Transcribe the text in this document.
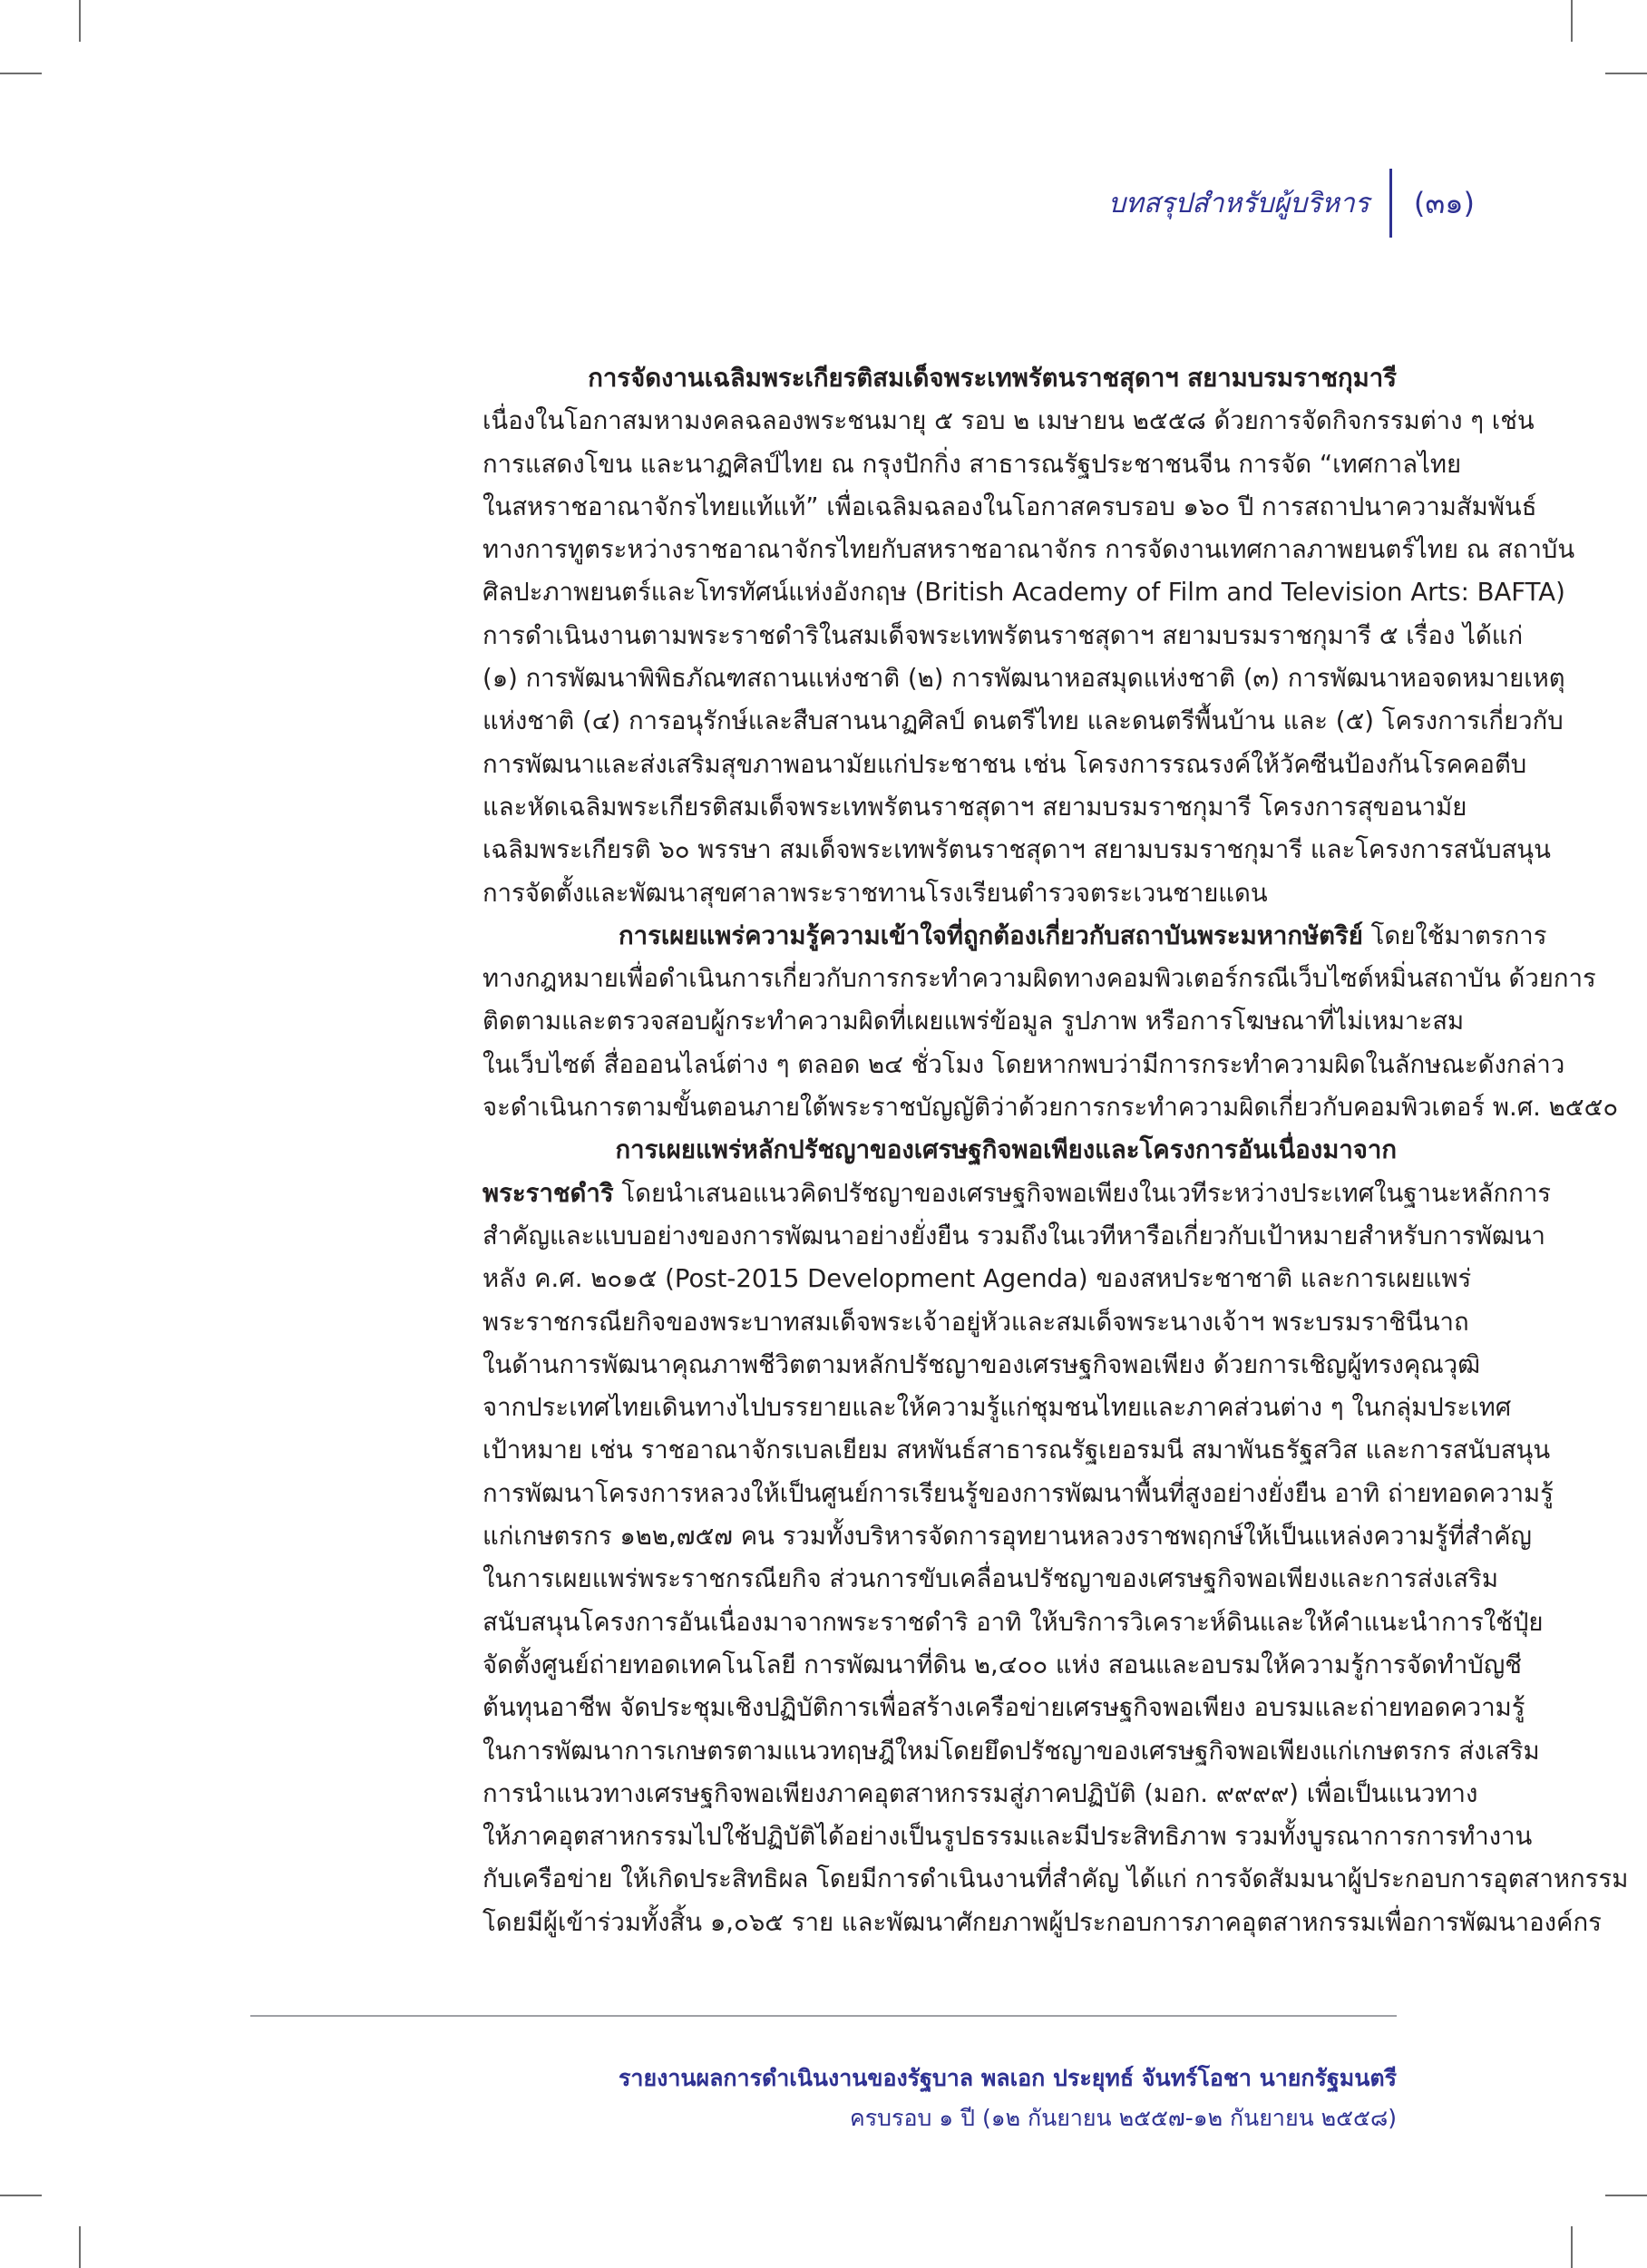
บทสรุปสำหรับผู้บริหาร	(๓๑)
การจัดงานเฉลิมพระเกียรติสมเด็จพระเทพรัตนราชสุดาฯ สยามบรมราชกุมารี
เนื่องในโอกาสมหามงคลฉลองพระชนมายุ ๕ รอบ ๒ เมษายน ๒๕๕๘ ด้วยการจัดกิจกรรมต่าง ๆ เช่น
การแสดงโขน และนาฏศิลป์ไทย ณ กรุงปักกิ่ง สาธารณรัฐประชาชนจีน การจัด “เทศกาลไทย
ในสหราชอาณาจักรไทยแท้แท้” เพื่อเฉลิมฉลองในโอกาสครบรอบ ๑๖๐ ปี การสถาปนาความสัมพันธ์
ทางการทูตระหว่างราชอาณาจักรไทยกับสหราชอาณาจักร การจัดงานเทศกาลภาพยนตร์ไทย ณ สถาบัน
ศิลปะภาพยนตร์และโทรทัศน์แห่งอังกฤษ (British Academy of Film and Television Arts: BAFTA)
การดำเนินงานตามพระราชดำริในสมเด็จพระเทพรัตนราชสุดาฯ สยามบรมราชกุมารี ๕ เรื่อง ได้แก่
(๑) การพัฒนาพิพิธภัณฑสถานแห่งชาติ (๒) การพัฒนาหอสมุดแห่งชาติ (๓) การพัฒนาหอจดหมายเหตุ
แห่งชาติ (๔) การอนุรักษ์และสืบสานนาฏศิลป์ ดนตรีไทย และดนตรีพื้นบ้าน และ (๕) โครงการเกี่ยวกับ
การพัฒนาและส่งเสริมสุขภาพอนามัยแก่ประชาชน เช่น โครงการรณรงค์ให้วัคซีนป้องกันโรคคอตีบ
และหัดเฉลิมพระเกียรติสมเด็จพระเทพรัตนราชสุดาฯ สยามบรมราชกุมารี โครงการสุขอนามัย
เฉลิมพระเกียรติ ๖๐ พรรษา สมเด็จพระเทพรัตนราชสุดาฯ สยามบรมราชกุมารี และโครงการสนับสนุน
การจัดตั้งและพัฒนาสุขศาลาพระราชทานโรงเรียนตำรวจตระเวนชายแดน
การเผยแพร่ความรู้ความเข้าใจที่ถูกต้องเกี่ยวกับสถาบันพระมหากษัตริย์ โดยใช้มาตรการ
ทางกฎหมายเพื่อดำเนินการเกี่ยวกับการกระทำความผิดทางคอมพิวเตอร์กรณีเว็บไซต์หมิ่นสถาบัน ด้วยการ
ติดตามและตรวจสอบผู้กระทำความผิดที่เผยแพร่ข้อมูล รูปภาพ หรือการโฆษณาที่ไม่เหมาะสม
ในเว็บไซต์ สื่อออนไลน์ต่าง ๆ ตลอด ๒๔ ชั่วโมง โดยหากพบว่ามีการกระทำความผิดในลักษณะดังกล่าว
จะดำเนินการตามขั้นตอนภายใต้พระราชบัญญัติว่าด้วยการกระทำความผิดเกี่ยวกับคอมพิวเตอร์ พ.ศ. ๒๕๕๐
การเผยแพร่หลักปรัชญาของเศรษฐกิจพอเพียงและโครงการอันเนื่องมาจาก
พระราชดำริ โดยนำเสนอแนวคิดปรัชญาของเศรษฐกิจพอเพียงในเวทีระหว่างประเทศในฐานะหลักการ
สำคัญและแบบอย่างของการพัฒนาอย่างยั่งยืน รวมถึงในเวทีหารือเกี่ยวกับเป้าหมายสำหรับการพัฒนา
หลัง ค.ศ. ๒๐๑๕ (Post-2015 Development Agenda) ของสหประชาชาติ และการเผยแพร่
พระราชกรณียกิจของพระบาทสมเด็จพระเจ้าอยู่หัวและสมเด็จพระนางเจ้าฯ พระบรมราชินีนาถ
ในด้านการพัฒนาคุณภาพชีวิตตามหลักปรัชญาของเศรษฐกิจพอเพียง ด้วยการเชิญผู้ทรงคุณวุฒิ
จากประเทศไทยเดินทางไปบรรยายและให้ความรู้แก่ชุมชนไทยและภาคส่วนต่าง ๆ ในกลุ่มประเทศ
เป้าหมาย เช่น ราชอาณาจักรเบลเยียม สหพันธ์สาธารณรัฐเยอรมนี สมาพันธรัฐสวิส และการสนับสนุน
การพัฒนาโครงการหลวงให้เป็นศูนย์การเรียนรู้ของการพัฒนาพื้นที่สูงอย่างยั่งยืน อาทิ ถ่ายทอดความรู้
แก่เกษตรกร ๑๒๒,๗๕๗ คน รวมทั้งบริหารจัดการอุทยานหลวงราชพฤกษ์ให้เป็นแหล่งความรู้ที่สำคัญ
ในการเผยแพร่พระราชกรณียกิจ ส่วนการขับเคลื่อนปรัชญาของเศรษฐกิจพอเพียงและการส่งเสริม
สนับสนุนโครงการอันเนื่องมาจากพระราชดำริ อาทิ ให้บริการวิเคราะห์ดินและให้คำแนะนำการใช้ปุ๋ย
จัดตั้งศูนย์ถ่ายทอดเทคโนโลยี การพัฒนาที่ดิน ๒,๔๐๐ แห่ง สอนและอบรมให้ความรู้การจัดทำบัญชี
ต้นทุนอาชีพ จัดประชุมเชิงปฏิบัติการเพื่อสร้างเครือข่ายเศรษฐกิจพอเพียง อบรมและถ่ายทอดความรู้
ในการพัฒนาการเกษตรตามแนวทฤษฎีใหม่โดยยึดปรัชญาของเศรษฐกิจพอเพียงแก่เกษตรกร ส่งเสริม
การนำแนวทางเศรษฐกิจพอเพียงภาคอุตสาหกรรมสู่ภาคปฏิบัติ (มอก. ๙๙๙๙) เพื่อเป็นแนวทาง
ให้ภาคอุตสาหกรรมไปใช้ปฏิบัติได้อย่างเป็นรูปธรรมและมีประสิทธิภาพ รวมทั้งบูรณาการการทำงาน
กับเครือข่าย ให้เกิดประสิทธิผล โดยมีการดำเนินงานที่สำคัญ ได้แก่ การจัดสัมมนาผู้ประกอบการอุตสาหกรรม
โดยมีผู้เข้าร่วมทั้งสิ้น ๑,๐๖๕ ราย และพัฒนาศักยภาพผู้ประกอบการภาคอุตสาหกรรมเพื่อการพัฒนาองค์กร
รายงานผลการดำเนินงานของรัฐบาล พลเอก ประยุทธ์ จันทร์โอชา นายกรัฐมนตรี
ครบรอบ ๑ ปี (๑๒ กันยายน ๒๕๕๗-๑๒ กันยายน ๒๕๕๘)
